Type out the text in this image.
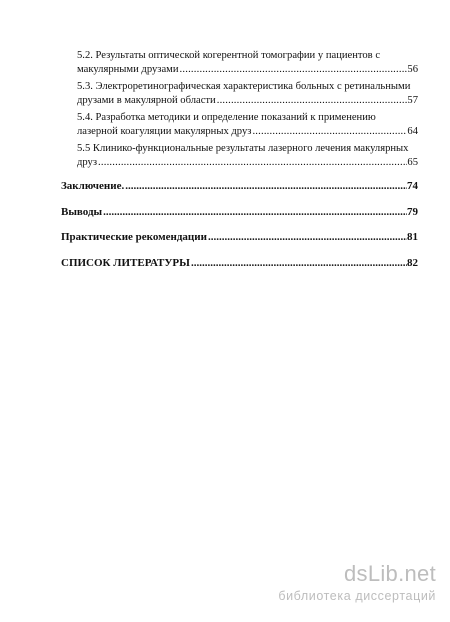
5.2. Результаты оптической когерентной томографии у пациентов с
макулярными друзами .....	56
5.3. Электроретинографическая характеристика больных с ретинальными
друзами в макулярной области .....	57
5.4. Разработка методики и определение показаний к применению
лазерной коагуляции макулярных друз .....	64
5.5 Клинико-функциональные результаты лазерного лечения макулярных
друз .....	65
Заключение. .....	74
Выводы .....	79
Практические рекомендации .....	81
СПИСОК ЛИТЕРАТУРЫ .....	82
dsLib.net
библиотека диссертаций
